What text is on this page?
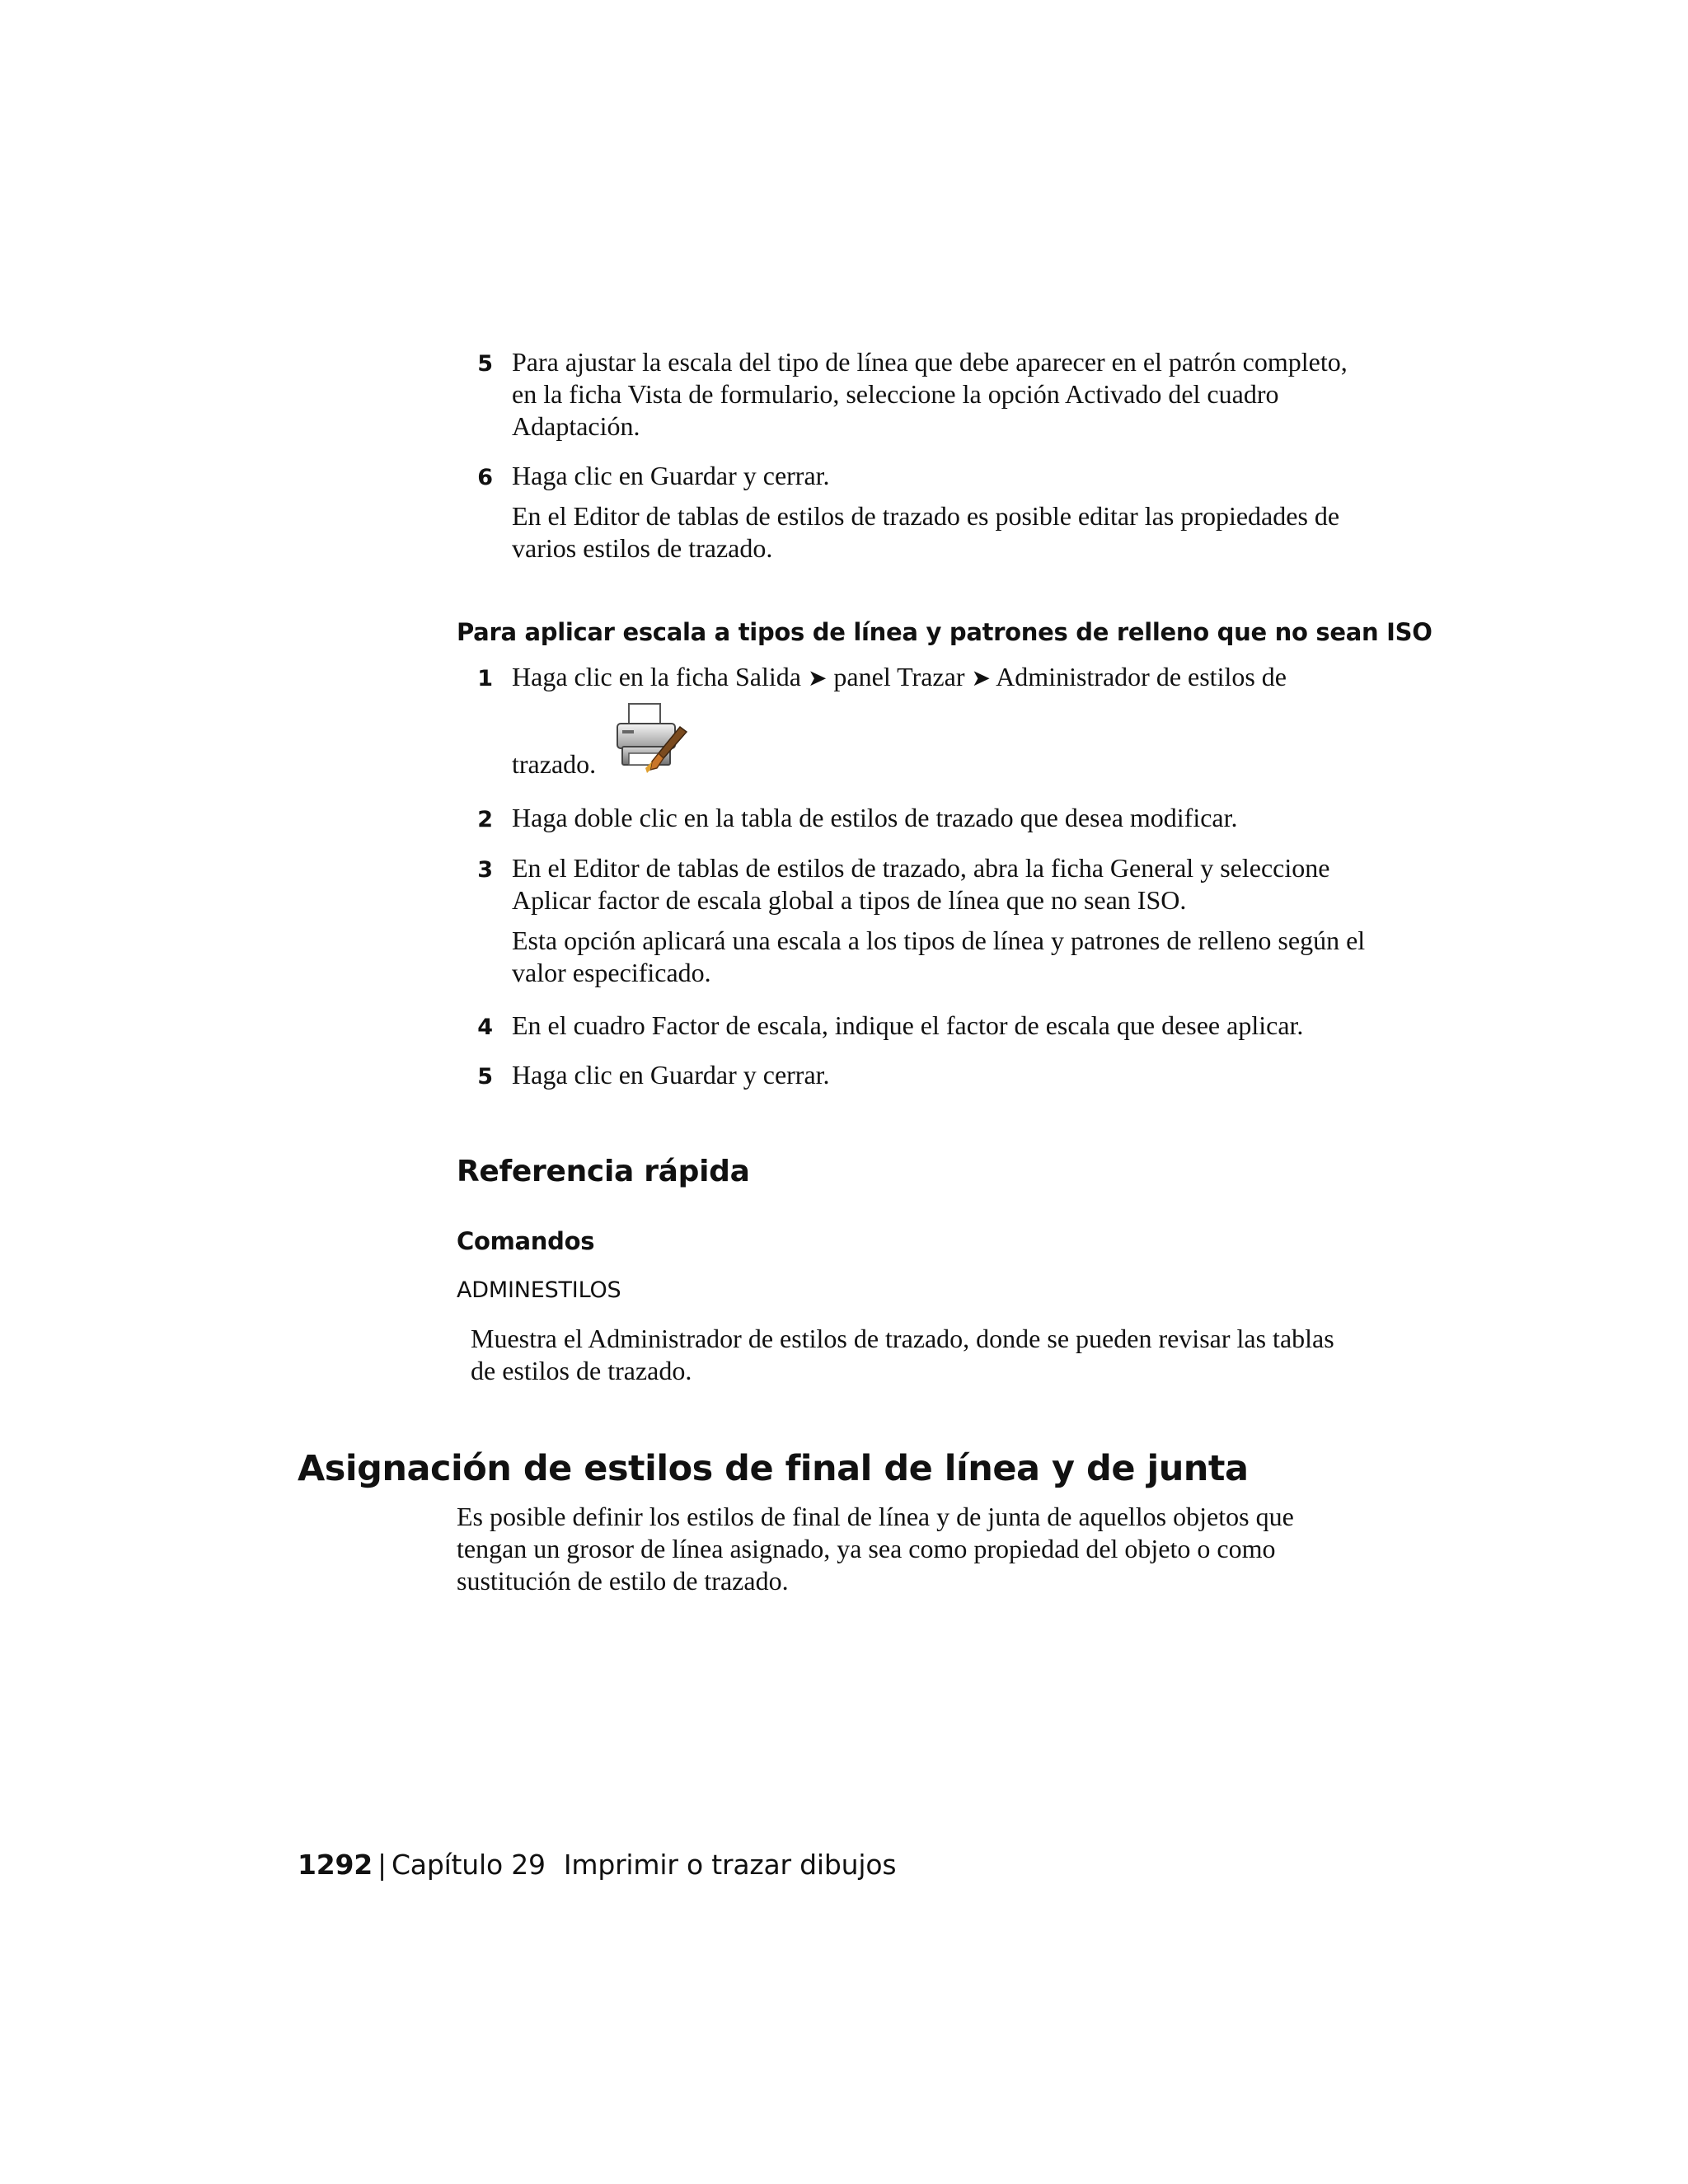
5 Para ajustar la escala del tipo de línea que debe aparecer en el patrón completo, en la ficha Vista de formulario, seleccione la opción Activado del cuadro Adaptación.

6 Haga clic en Guardar y cerrar.

En el Editor de tablas de estilos de trazado es posible editar las propiedades de varios estilos de trazado.

Para aplicar escala a tipos de línea y patrones de relleno que no sean ISO
1 Haga clic en la ficha Salida ➤ panel Trazar ➤ Administrador de estilos de

trazado.

2 Haga doble clic en la tabla de estilos de trazado que desea modificar.

3 En el Editor de tablas de estilos de trazado, abra la ficha General y seleccione Aplicar factor de escala global a tipos de línea que no sean ISO.

Esta opción aplicará una escala a los tipos de línea y patrones de relleno según el valor especificado.

4 En el cuadro Factor de escala, indique el factor de escala que desee aplicar.

5 Haga clic en Guardar y cerrar.

Referencia rápida
Comandos
ADMINESTILOS

Muestra el Administrador de estilos de trazado, donde se pueden revisar las tablas de estilos de trazado.

Asignación de estilos de final de línea y de junta

Es posible definir los estilos de final de línea y de junta de aquellos objetos que tengan un grosor de línea asignado, ya sea como propiedad del objeto o como sustitución de estilo de trazado.

1292 | Capítulo 29 Imprimir o trazar dibujos
